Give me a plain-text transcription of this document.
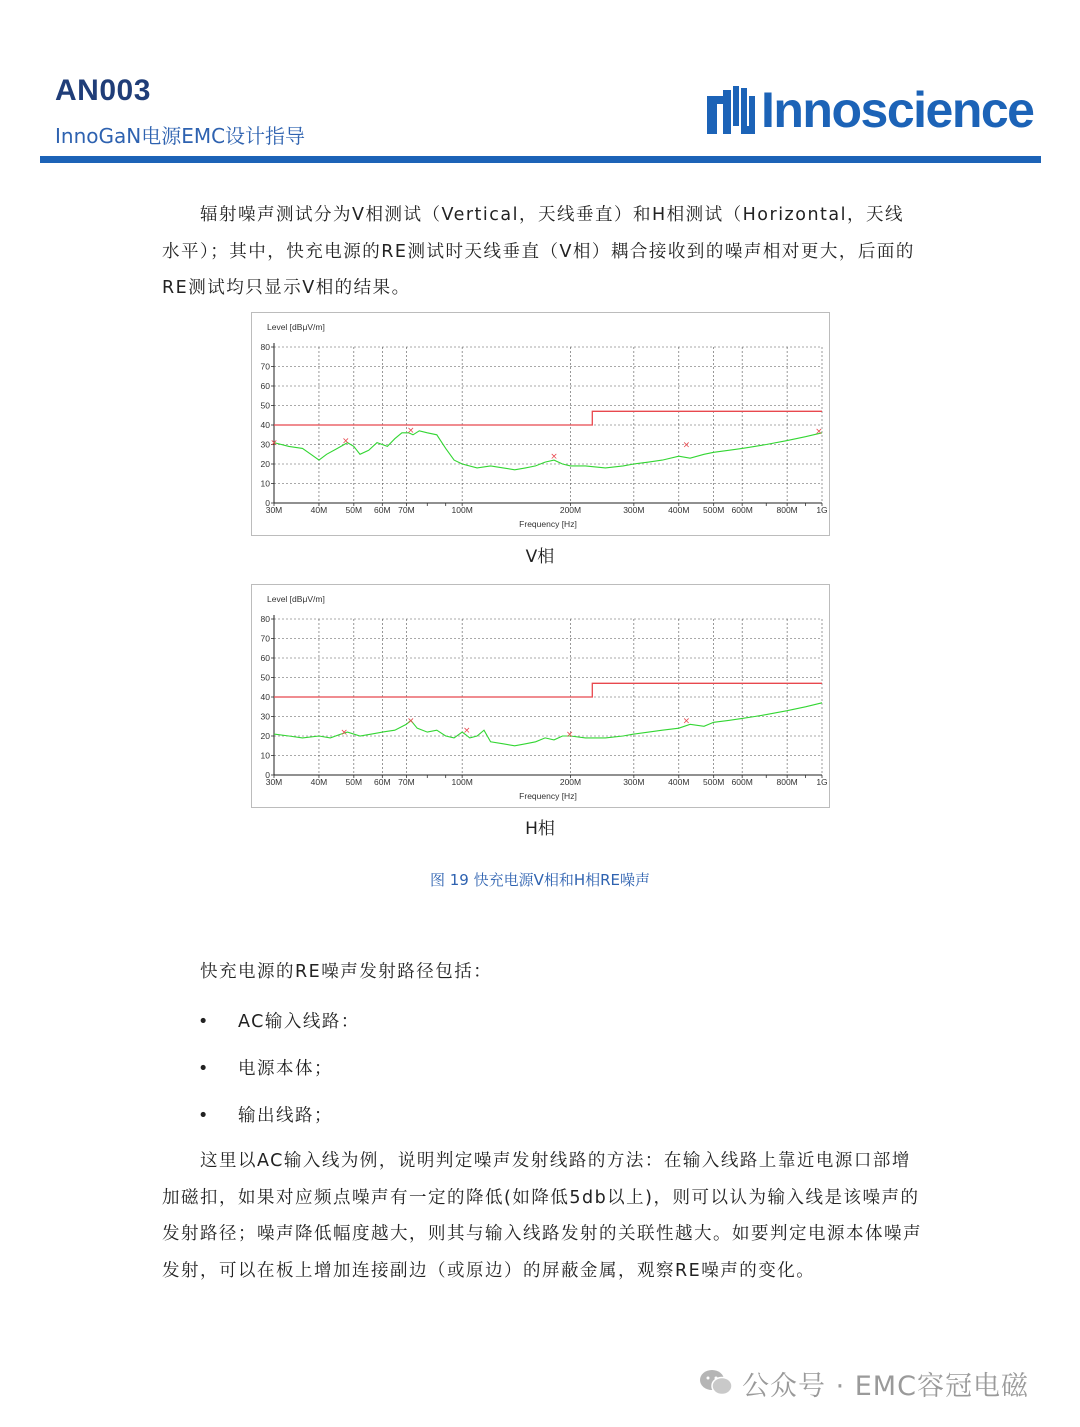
AN003
InnoGaN电源EMC设计指导	Innoscience
辐射噪声测试分为V相测试（Vertical，天线垂直）和H相测试（Horizontal，天线水平）；其中，快充电源的RE测试时天线垂直（V相）耦合接收到的噪声相对更大，后面的RE测试均只显示V相的结果。
Level [dBμV/m]
Frequency [Hz]
0
10
20
30
40
50
60
70
80
30M	40M 50M 60M 70M	100M	200M	300M	400M 500M 600M	800M 1G
×	×
×
×
×
×
V相
Level [dBμV/m]
Frequency [Hz]
0
10
20
30
40
50
60
70
80
30M	40M 50M 60M 70M	100M	200M	300M	400M 500M 600M	800M 1G
×
×
×	×
×
H相
图 19 快充电源V相和H相RE噪声
快充电源的RE噪声发射路径包括：
• AC输入线路：
• 电源本体；
• 输出线路；
这里以AC输入线为例，说明判定噪声发射线路的方法：在输入线路上靠近电源口部增加磁扣，如果对应频点噪声有一定的降低(如降低5db以上)，则可以认为输入线是该噪声的发射路径；噪声降低幅度越大，则其与输入线路发射的关联性越大。如要判定电源本体噪声发射，可以在板上增加连接副边（或原边）的屏蔽金属，观察RE噪声的变化。
公众号 · EMC容冠电磁
